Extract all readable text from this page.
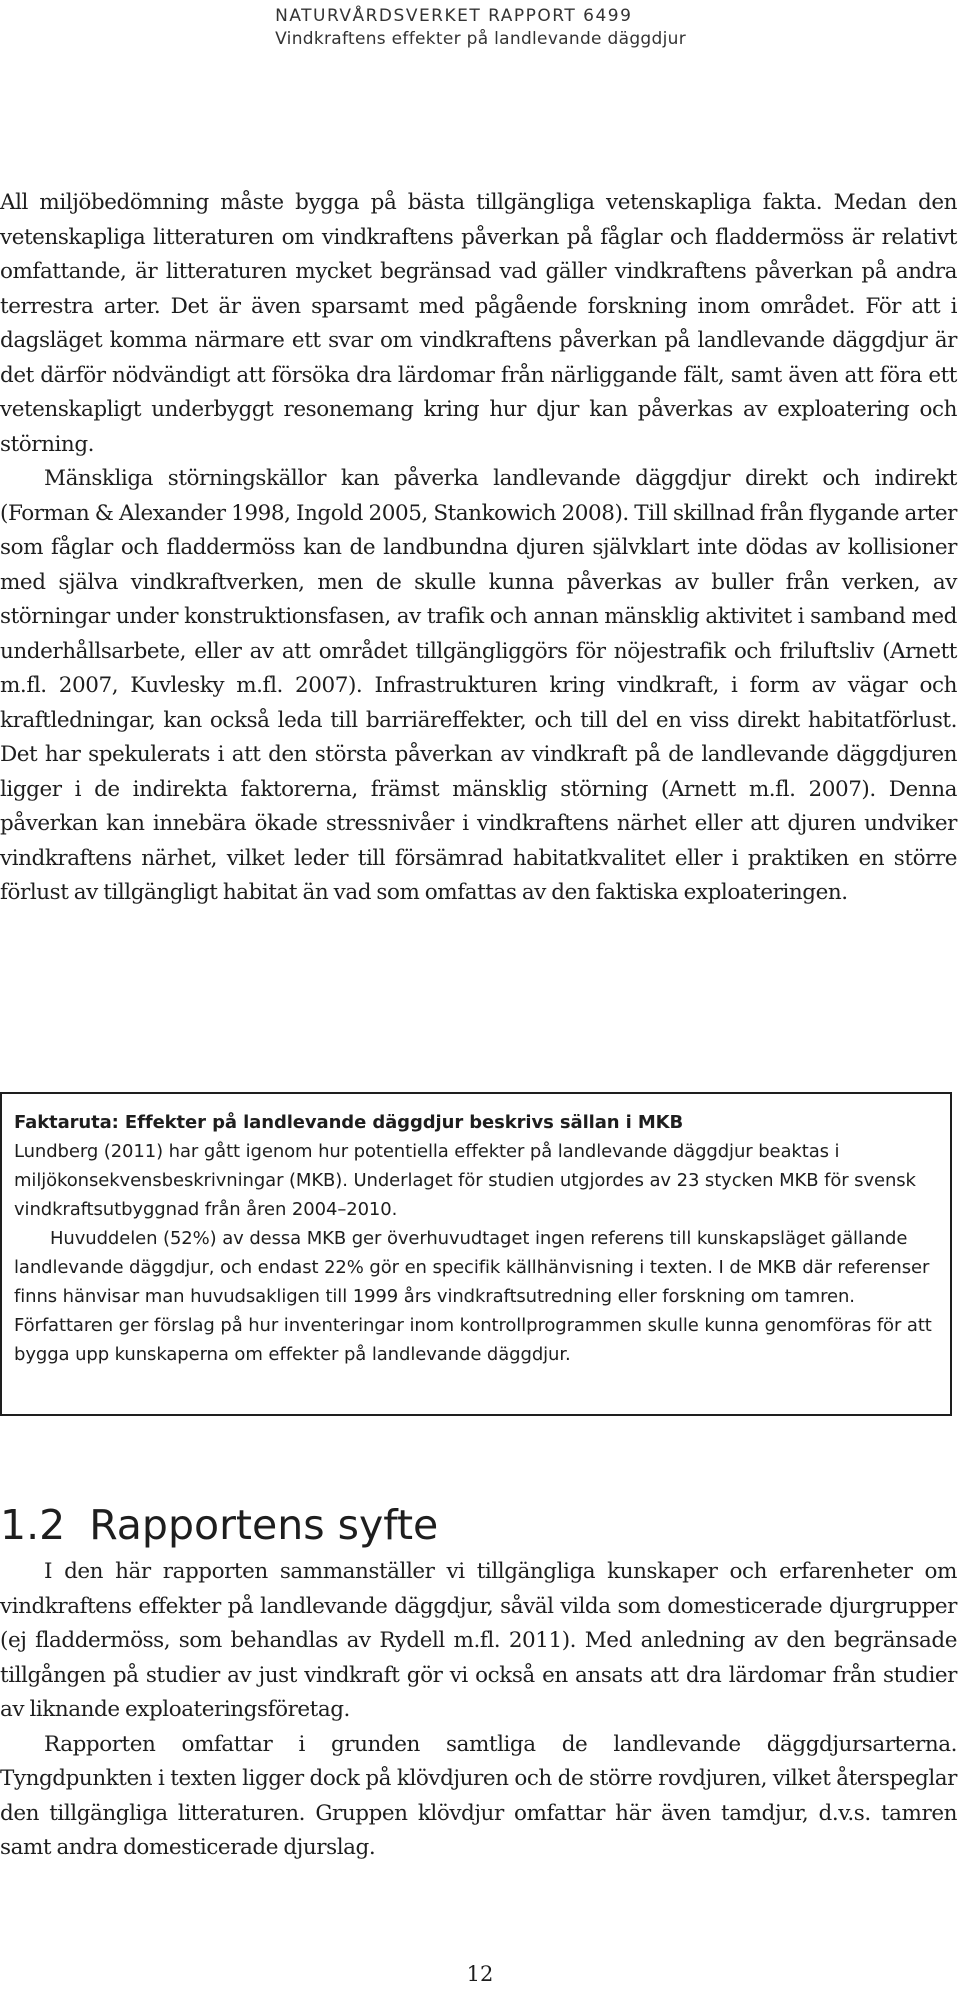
NATURVÅRDSVERKET RAPPORT 6499
Vindkraftens effekter på landlevande däggdjur

All miljöbedömning måste bygga på bästa tillgängliga vetenskapliga fakta. Medan den vetenskapliga litteraturen om vindkraftens påverkan på fåglar och fladdermöss är relativt omfattande, är litteraturen mycket begränsad vad gäller vindkraftens påverkan på andra terrestra arter. Det är även sparsamt med pågående forskning inom området. För att i dagsläget komma närmare ett svar om vindkraftens påverkan på landlevande däggdjur är det därför nödvändigt att försöka dra lärdomar från närliggande fält, samt även att föra ett vetenskapligt underbyggt resonemang kring hur djur kan påverkas av exploatering och störning.

Mänskliga störningskällor kan påverka landlevande däggdjur direkt och indirekt (Forman & Alexander 1998, Ingold 2005, Stankowich 2008). Till skillnad från flygande arter som fåglar och fladdermöss kan de landbundna djuren självklart inte dödas av kollisioner med själva vindkraftverken, men de skulle kunna påverkas av buller från verken, av störningar under konstruktionsfasen, av trafik och annan mänsklig aktivitet i samband med underhållsarbete, eller av att området tillgängliggörs för nöjestrafik och friluftsliv (Arnett m.fl. 2007, Kuvlesky m.fl. 2007). Infrastrukturen kring vindkraft, i form av vägar och kraftledningar, kan också leda till barriäreffekter, och till del en viss direkt habitatförlust. Det har spekulerats i att den största påverkan av vindkraft på de landlevande däggdjuren ligger i de indirekta faktorerna, främst mänsklig störning (Arnett m.fl. 2007). Denna påverkan kan innebära ökade stressnivåer i vindkraftens närhet eller att djuren undviker vindkraftens närhet, vilket leder till försämrad habitatkvalitet eller i praktiken en större förlust av tillgängligt habitat än vad som omfattas av den faktiska exploateringen.

Faktaruta: Effekter på landlevande däggdjur beskrivs sällan i MKB

Lundberg (2011) har gått igenom hur potentiella effekter på landlevande däggdjur beaktas i miljökonsekvensbeskrivningar (MKB). Underlaget för studien utgjordes av 23 stycken MKB för svensk vindkraftsutbyggnad från åren 2004–2010.

Huvuddelen (52%) av dessa MKB ger överhuvudtaget ingen referens till kunskapsläget gällande landlevande däggdjur, och endast 22% gör en specifik källhänvisning i texten. I de MKB där referenser finns hänvisar man huvudsakligen till 1999 års vindkraftsutredning eller forskning om tamren. Författaren ger förslag på hur inventeringar inom kontrollprogrammen skulle kunna genomföras för att bygga upp kunskaperna om effekter på landlevande däggdjur.

1.2 Rapportens syfte

I den här rapporten sammanställer vi tillgängliga kunskaper och erfarenheter om vindkraftens effekter på landlevande däggdjur, såväl vilda som domesticerade djurgrupper (ej fladdermöss, som behandlas av Rydell m.fl. 2011). Med anledning av den begränsade tillgången på studier av just vindkraft gör vi också en ansats att dra lärdomar från studier av liknande exploateringsföretag.

Rapporten omfattar i grunden samtliga de landlevande däggdjursarterna. Tyngdpunkten i texten ligger dock på klövdjuren och de större rovdjuren, vilket återspeglar den tillgängliga litteraturen. Gruppen klövdjur omfattar här även tamdjur, d.v.s. tamren samt andra domesticerade djurslag.

12
